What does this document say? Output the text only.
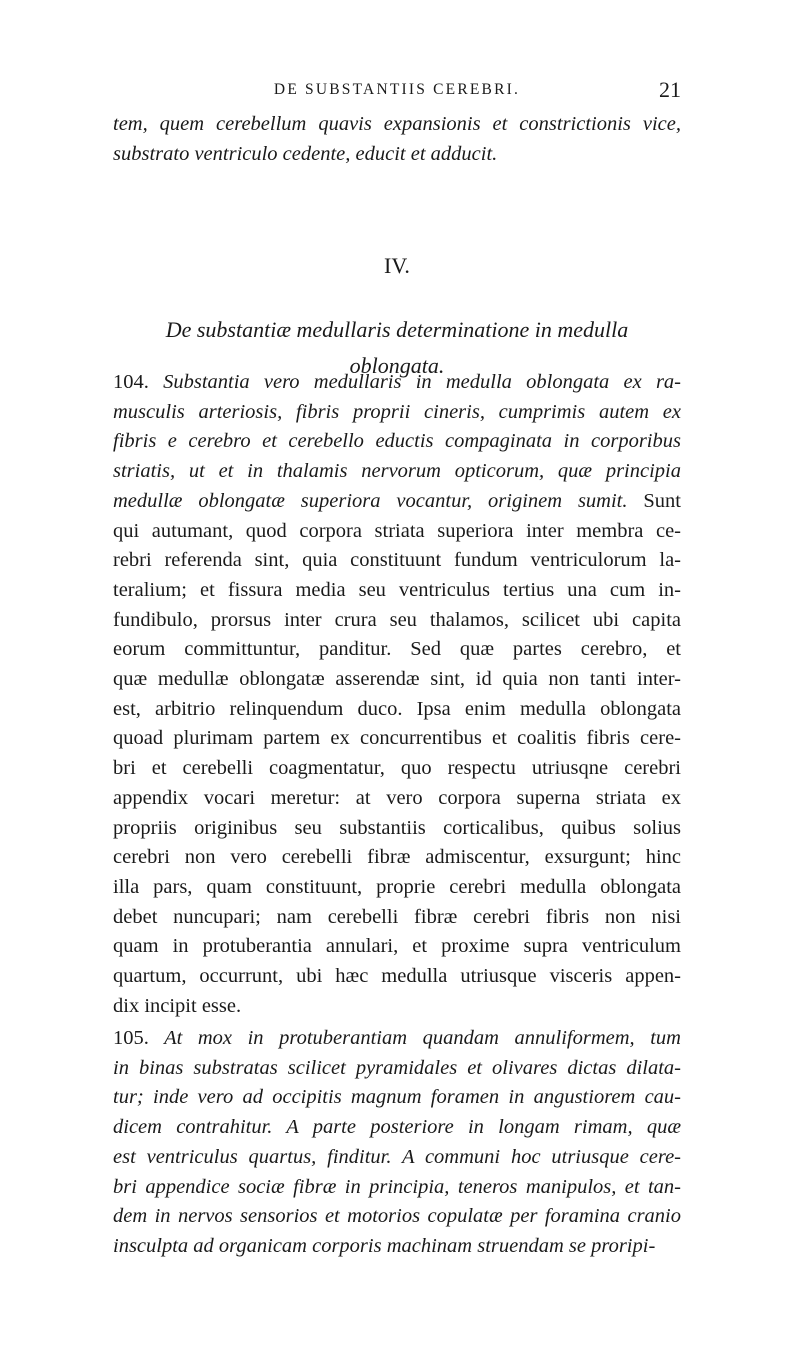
DE SUBSTANTIIS CEREBRI.	21
tem, quem cerebellum quavis expansionis et constrictionis vice,
substrato ventriculo cedente, educit et adducit.
IV.
De substantiæ medullaris determinatione in medulla
oblongata.
104. Substantia vero medullaris in medulla oblongata ex ra-
musculis arteriosis, fibris proprii cineris, cumprimis autem ex
fibris e cerebro et cerebello eductis compaginata in corporibus
striatis, ut et in thalamis nervorum opticorum, quæ principia
medullæ oblongatæ superiora vocantur, originem sumit. Sunt
qui autumant, quod corpora striata superiora inter membra ce-
rebri referenda sint, quia constituunt fundum ventriculorum la-
teralium; et fissura media seu ventriculus tertius una cum in-
fundibulo, prorsus inter crura seu thalamos, scilicet ubi capita
eorum committuntur, panditur. Sed quæ partes cerebro, et
quæ medullæ oblongatæ asserendæ sint, id quia non tanti inter-
est, arbitrio relinquendum duco. Ipsa enim medulla oblongata
quoad plurimam partem ex concurrentibus et coalitis fibris cere-
bri et cerebelli coagmentatur, quo respectu utriusqne cerebri
appendix vocari meretur: at vero corpora superna striata ex
propriis originibus seu substantiis corticalibus, quibus solius
cerebri non vero cerebelli fibræ admiscentur, exsurgunt; hinc
illa pars, quam constituunt, proprie cerebri medulla oblongata
debet nuncupari; nam cerebelli fibræ cerebri fibris non nisi
quam in protuberantia annulari, et proxime supra ventriculum
quartum, occurrunt, ubi hæc medulla utriusque visceris appen-
dix incipit esse.
105. At mox in protuberantiam quandam annuliformem, tum
in binas substratas scilicet pyramidales et olivares dictas dilata-
tur; inde vero ad occipitis magnum foramen in angustiorem cau-
dicem contrahitur. A parte posteriore in longam rimam, quæ
est ventriculus quartus, finditur. A communi hoc utriusque cere-
bri appendice sociæ fibræ in principia, teneros manipulos, et tan-
dem in nervos sensorios et motorios copulatæ per foramina cranio
insculpta ad organicam corporis machinam struendam se proripi-
